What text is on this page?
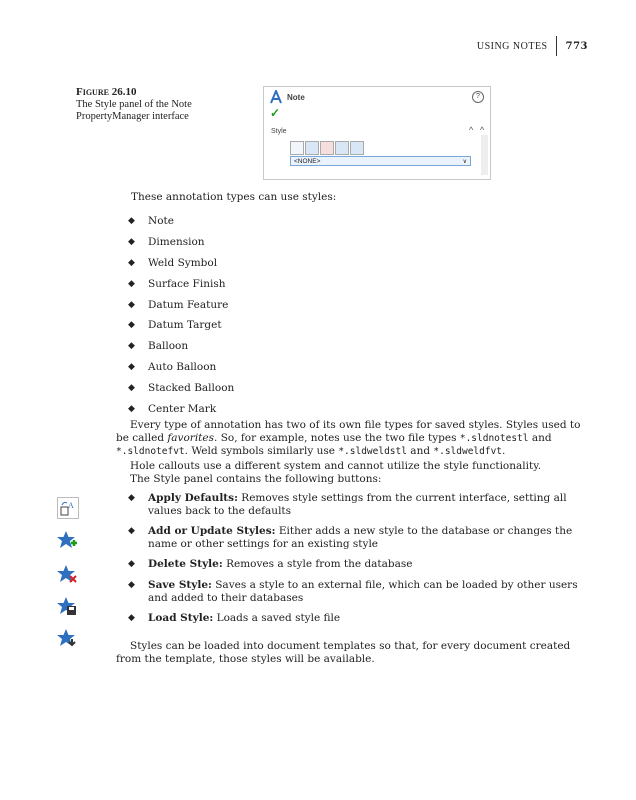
USING NOTES 773
Figure 26.10
The Style panel of the Note PropertyManager interface
Note	?
✓
Style	^ ^
<NONE>	∨
These annotation types can use styles:
◆	Note
◆	Dimension
◆	Weld Symbol
◆	Surface Finish
◆	Datum Feature
◆	Datum Target
◆	Balloon
◆	Auto Balloon
◆	Stacked Balloon
◆	Center Mark

Every type of annotation has two of its own file types for saved styles. Styles used to be called favorites. So, for example, notes use the two file types *.sldnotestl and *.sldnotefvt. Weld symbols similarly use *.sldweldstl and *.sldweldfvt.

Hole callouts use a different system and cannot utilize the style functionality.

The Style panel contains the following buttons:

◆ Apply Defaults: Removes style settings from the current interface, setting all values back to the defaults
◆ Add or Update Styles: Either adds a new style to the database or changes the name or other settings for an existing style
◆ Delete Style: Removes a style from the database
◆ Save Style: Saves a style to an external file, which can be loaded by other users and added to their databases
◆ Load Style: Loads a saved style file
A

Styles can be loaded into document templates so that, for every document created from the template, those styles will be available.
